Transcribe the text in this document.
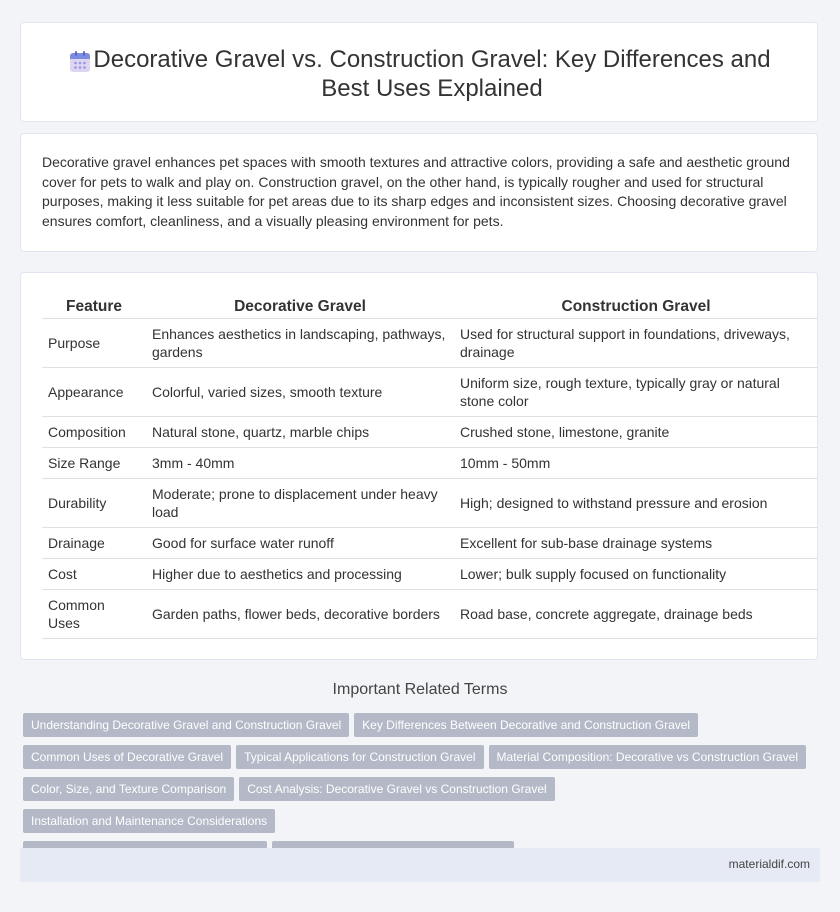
Decorative Gravel vs. Construction Gravel: Key Differences and Best Uses Explained
Decorative gravel enhances pet spaces with smooth textures and attractive colors, providing a safe and aesthetic ground cover for pets to walk and play on. Construction gravel, on the other hand, is typically rougher and used for structural purposes, making it less suitable for pet areas due to its sharp edges and inconsistent sizes. Choosing decorative gravel ensures comfort, cleanliness, and a visually pleasing environment for pets.
Feature	Decorative Gravel	Construction Gravel
Purpose	Enhances aesthetics in landscaping, pathways, gardens	Used for structural support in foundations, driveways, drainage
Appearance	Colorful, varied sizes, smooth texture	Uniform size, rough texture, typically gray or natural stone color
Composition	Natural stone, quartz, marble chips	Crushed stone, limestone, granite
Size Range	3mm - 40mm	10mm - 50mm
Durability	Moderate; prone to displacement under heavy load	High; designed to withstand pressure and erosion
Drainage	Good for surface water runoff	Excellent for sub-base drainage systems
Cost	Higher due to aesthetics and processing	Lower; bulk supply focused on functionality
Common Uses	Garden paths, flower beds, decorative borders	Road base, concrete aggregate, drainage beds
Important Related Terms
Understanding Decorative Gravel and Construction Gravel Key Differences Between Decorative and Construction Gravel
Common Uses of Decorative Gravel Typical Applications for Construction Gravel Material Composition: Decorative vs Construction Gravel
Color, Size, and Texture Comparison Cost Analysis: Decorative Gravel vs Construction GravelInstallation and Maintenance Considerations

materialdif.com
